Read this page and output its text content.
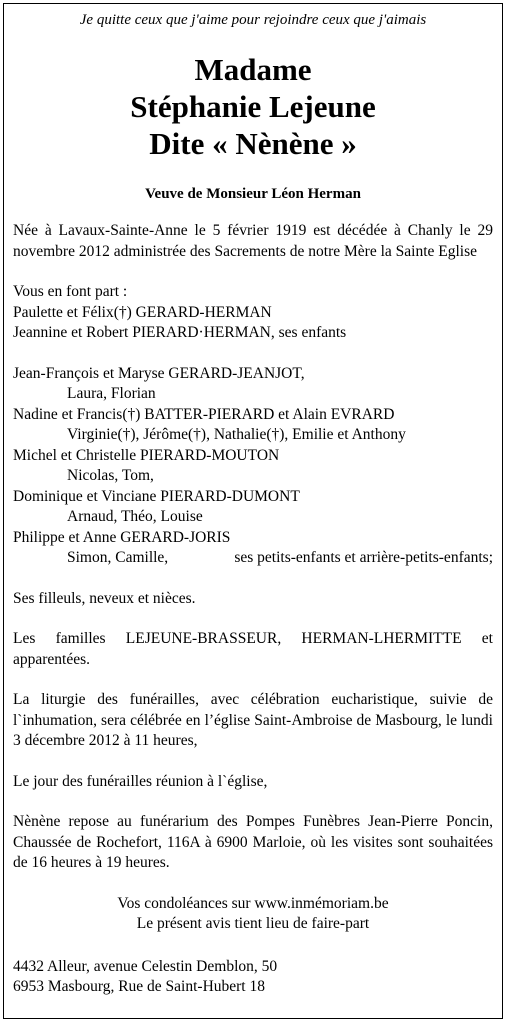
Je quitte ceux que j'aime pour rejoindre ceux que j'aimais
Madame
Stéphanie Lejeune
Dite « Nènène »
Veuve de Monsieur Léon Herman
Née à Lavaux-Sainte-Anne le 5 février 1919 est décédée à Chanly le 29 novembre 2012 administrée des Sacrements de notre Mère la Sainte Eglise
Vous en font part :
Paulette et Félix(†) GERARD-HERMAN
Jeannine et Robert PIERARD·HERMAN, ses enfants
Jean-François et Maryse GERARD-JEANJOT,
Laura, Florian
Nadine et Francis(†) BATTER-PIERARD et Alain EVRARD
Virginie(†), Jérôme(†), Nathalie(†), Emilie et Anthony
Michel et Christelle PIERARD-MOUTON
Nicolas, Tom,
Dominique et Vinciane PIERARD-DUMONT
Arnaud, Théo, Louise
Philippe et Anne GERARD-JORIS
Simon, Camille,	ses petits-enfants et arrière-petits-enfants;
Ses filleuls, neveux et nièces.
Les familles LEJEUNE-BRASSEUR, HERMAN-LHERMITTE et apparentées.
La liturgie des funérailles, avec célébration eucharistique, suivie de l`inhumation, sera célébrée en l’église Saint-Ambroise de Masbourg, le lundi 3 décembre 2012 à 11 heures,
Le jour des funérailles réunion à l`église,
Nènène repose au funérarium des Pompes Funèbres Jean-Pierre Poncin, Chaussée de Rochefort, 116A à 6900 Marloie, où les visites sont souhaitées de 16 heures à 19 heures.
Vos condoléances sur www.inmémoriam.be
Le présent avis tient lieu de faire-part
4432 Alleur, avenue Celestin Demblon, 50
6953 Masbourg, Rue de Saint-Hubert 18
